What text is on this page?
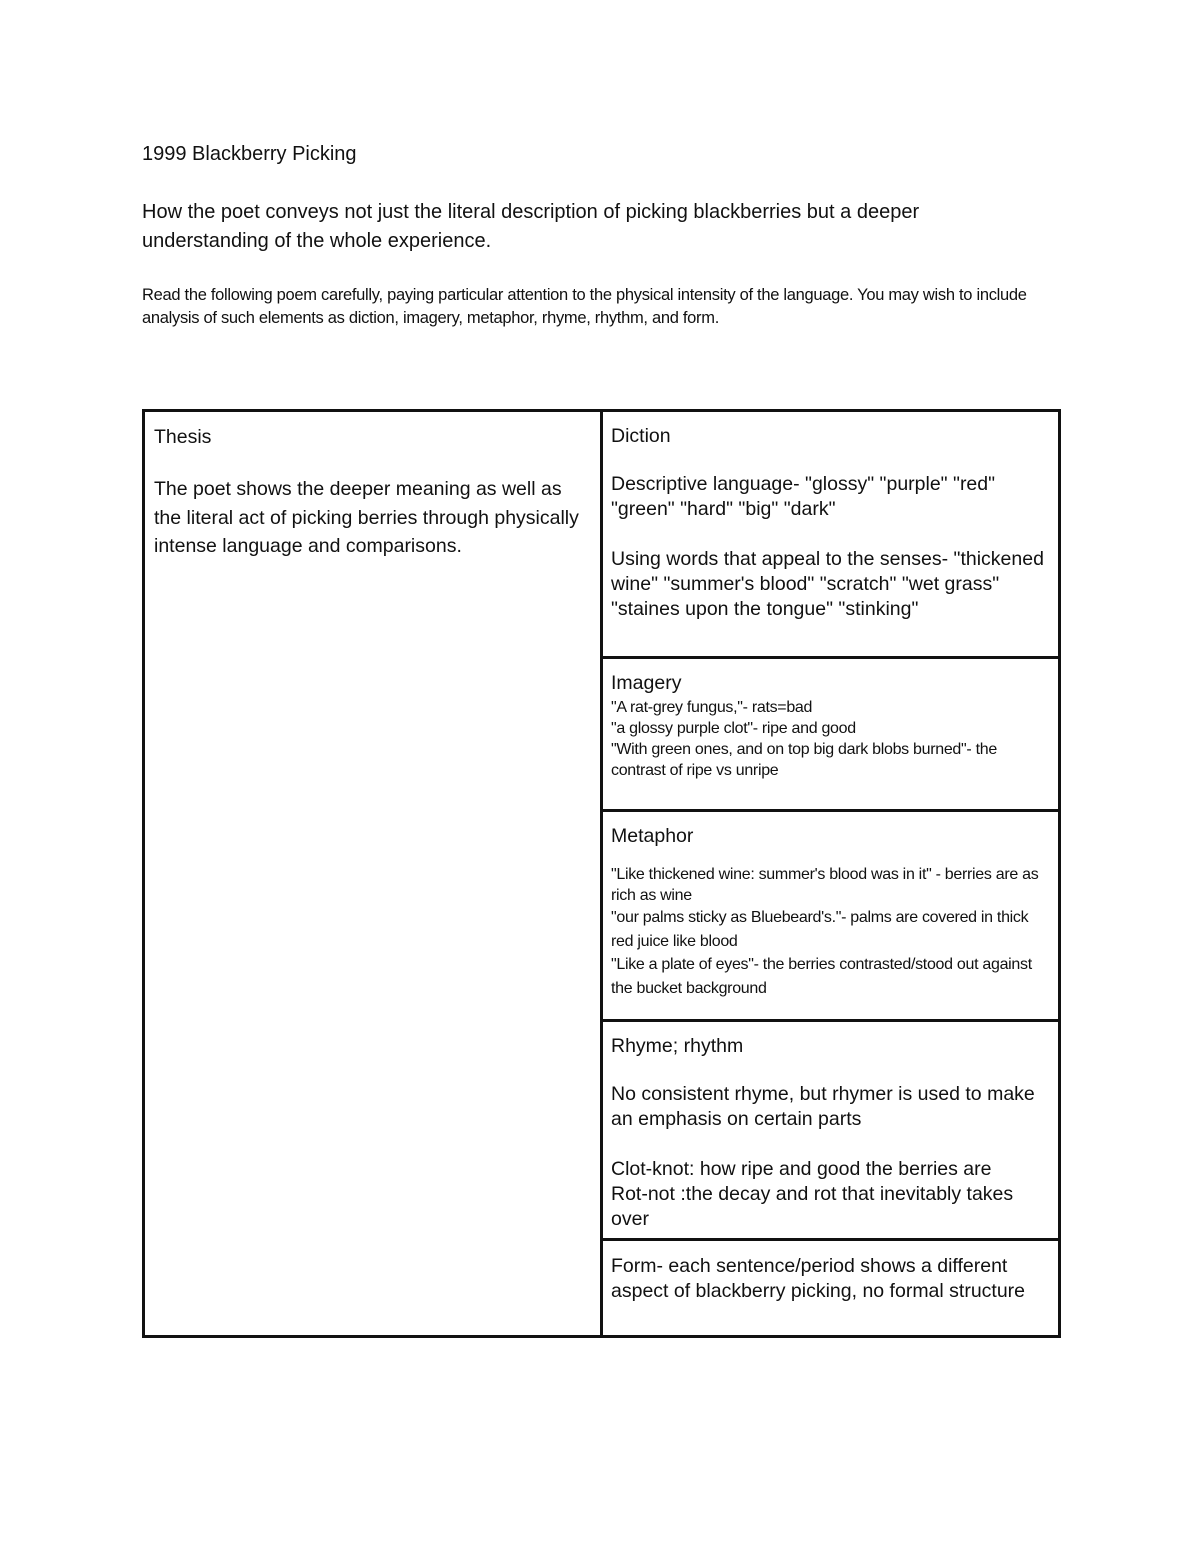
1999 Blackberry Picking
How the poet conveys not just the literal description of picking blackberries but a deeper understanding of the whole experience.
Read the following poem carefully, paying particular attention to the physical intensity of the language. You may wish to include analysis of such elements as diction, imagery, metaphor, rhyme, rhythm, and form.
Thesis
The poet shows the deeper meaning as well as the literal act of picking berries through physically intense language and comparisons.
Diction
Descriptive language- "glossy" "purple" "red" "green" "hard" "big" "dark"
Using words that appeal to the senses- "thickened wine" "summer's blood" "scratch" "wet grass" "staines upon the tongue" "stinking"
Imagery
"A rat-grey fungus,"- rats=bad
"a glossy purple clot"- ripe and good
"With green ones, and on top big dark blobs burned"- the contrast of ripe vs unripe
Metaphor
"Like thickened wine: summer's blood was in it" - berries are as rich as wine
"our palms sticky as Bluebeard's."- palms are covered in thick red juice like blood
"Like a plate of eyes"- the berries contrasted/stood out against the bucket background
Rhyme; rhythm
No consistent rhyme, but rhymer is used to make an emphasis on certain parts
Clot-knot: how ripe and good the berries are
Rot-not :the decay and rot that inevitably takes over
Form- each sentence/period shows a different aspect of blackberry picking, no formal structure
